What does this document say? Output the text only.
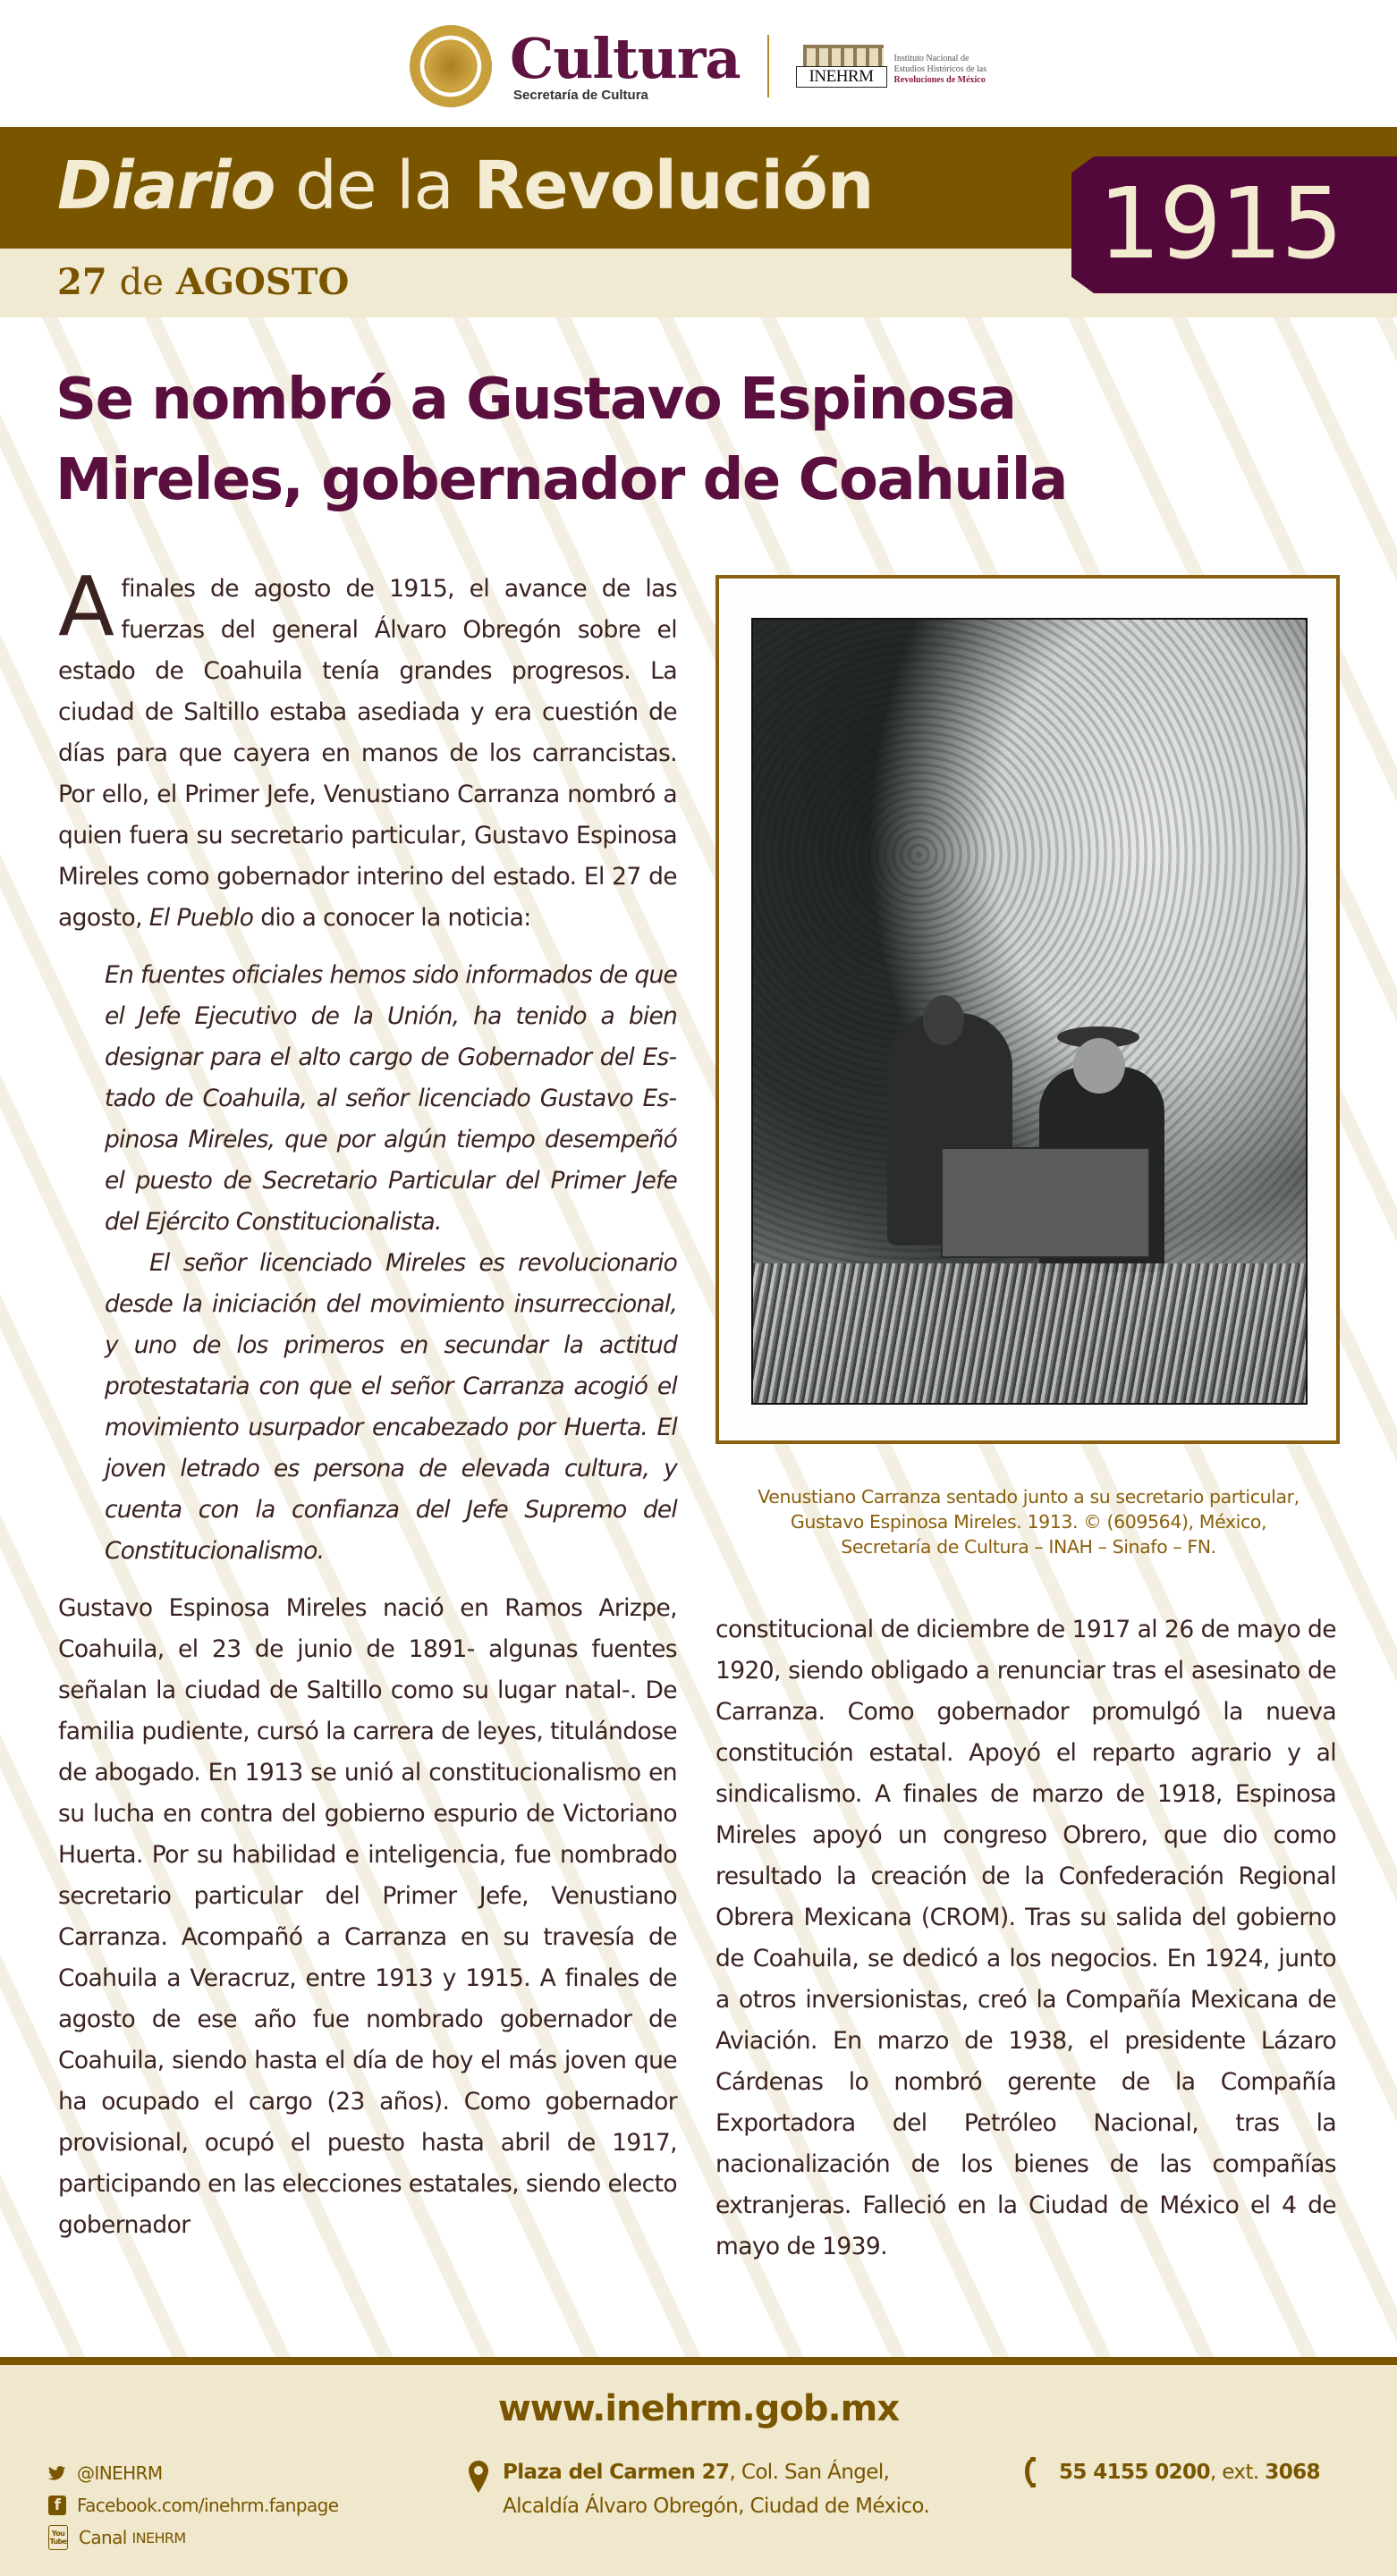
Cultura
Secretaría de Cultura
INEHRM
Instituto Nacional de
Estudios Históricos de las
Revoluciones de México
Diario de la Revolución
27 de AGOSTO
1915
Se nombró a Gustavo Espinosa
Mireles, gobernador de Coahuila

Afinales de agosto de 1915, el avance de las fuerzas del general Álvaro Obregón sobre el estado de Coahuila tenía grandes progresos. La ciudad de Saltillo estaba asediada y era cuestión de días para que cayera en manos de los carrancistas. Por ello, el Primer Jefe, Venustiano Carranza nombró a quien fuera su secretario particular, Gustavo Espinosa Mireles como gobernador interino del estado. El 27 de agosto, El Pueblo dio a conocer la noticia:

En fuentes oficiales hemos sido informados de que el Jefe Ejecutivo de la Unión, ha tenido a bien designar para el alto cargo de Gobernador del Estado de Coahuila, al señor licenciado Gustavo Espinosa Mireles, que por algún tiempo desempeñó el puesto de Secretario Particular del Primer Jefe del Ejército Constitucionalista.

El señor licenciado Mireles es revolucionario desde la iniciación del movimiento insurreccional, y uno de los primeros en secundar la actitud protestataria con que el señor Carranza acogió el movimiento usurpador encabezado por Huerta. El joven letrado es persona de elevada cultura, y cuenta con la confianza del Jefe Supremo del Constitucionalismo.

Gustavo Espinosa Mireles nació en Ramos Arizpe, Coahuila, el 23 de junio de 1891- algunas fuentes señalan la ciudad de Saltillo como su lugar natal-. De familia pudiente, cursó la carrera de leyes, titulándose de abogado. En 1913 se unió al constitucionalismo en su lucha en contra del gobierno espurio de Victoriano Huerta. Por su habilidad e inteligencia, fue nombrado secretario particular del Primer Jefe, Venustiano Carranza. Acompañó a Carranza en su travesía de Coahuila a Veracruz, entre 1913 y 1915. A finales de agosto de ese año fue nombrado gobernador de Coahuila, siendo hasta el día de hoy el más joven que ha ocupado el cargo (23 años). Como gobernador provisional, ocupó el puesto hasta abril de 1917, participando en las elecciones estatales, siendo electo gobernador

Venustiano Carranza sentado junto a su secretario particular,
Gustavo Espinosa Mireles. 1913. © (609564), México,
Secretaría de Cultura – INAH – Sinafo – FN.

constitucional de diciembre de 1917 al 26 de mayo de 1920, siendo obligado a renunciar tras el asesinato de Carranza. Como gobernador promulgó la nueva constitución estatal. Apoyó el reparto agrario y al sindicalismo. A finales de marzo de 1918, Espinosa Mireles apoyó un congreso Obrero, que dio como resultado la creación de la Confederación Regional Obrera Mexicana (CROM). Tras su salida del gobierno de Coahuila, se dedicó a los negocios. En 1924, junto a otros inversionistas, creó la Compañía Mexicana de Aviación. En marzo de 1938, el presidente Lázaro Cárdenas lo nombró gerente de la Compañía Exportadora del Petróleo Nacional, tras la nacionalización de los bienes de las compañías extranjeras. Falleció en la Ciudad de México el 4 de mayo de 1939.

www.inehrm.gob.mx
@INEHRM
f Facebook.com/inehrm.fanpage
You
Tube Canal
INEHRM
Plaza del Carmen 27, Col. San Ángel,
Alcaldía Álvaro Obregón, Ciudad de México.
55 4155 0200 , ext.
3068
